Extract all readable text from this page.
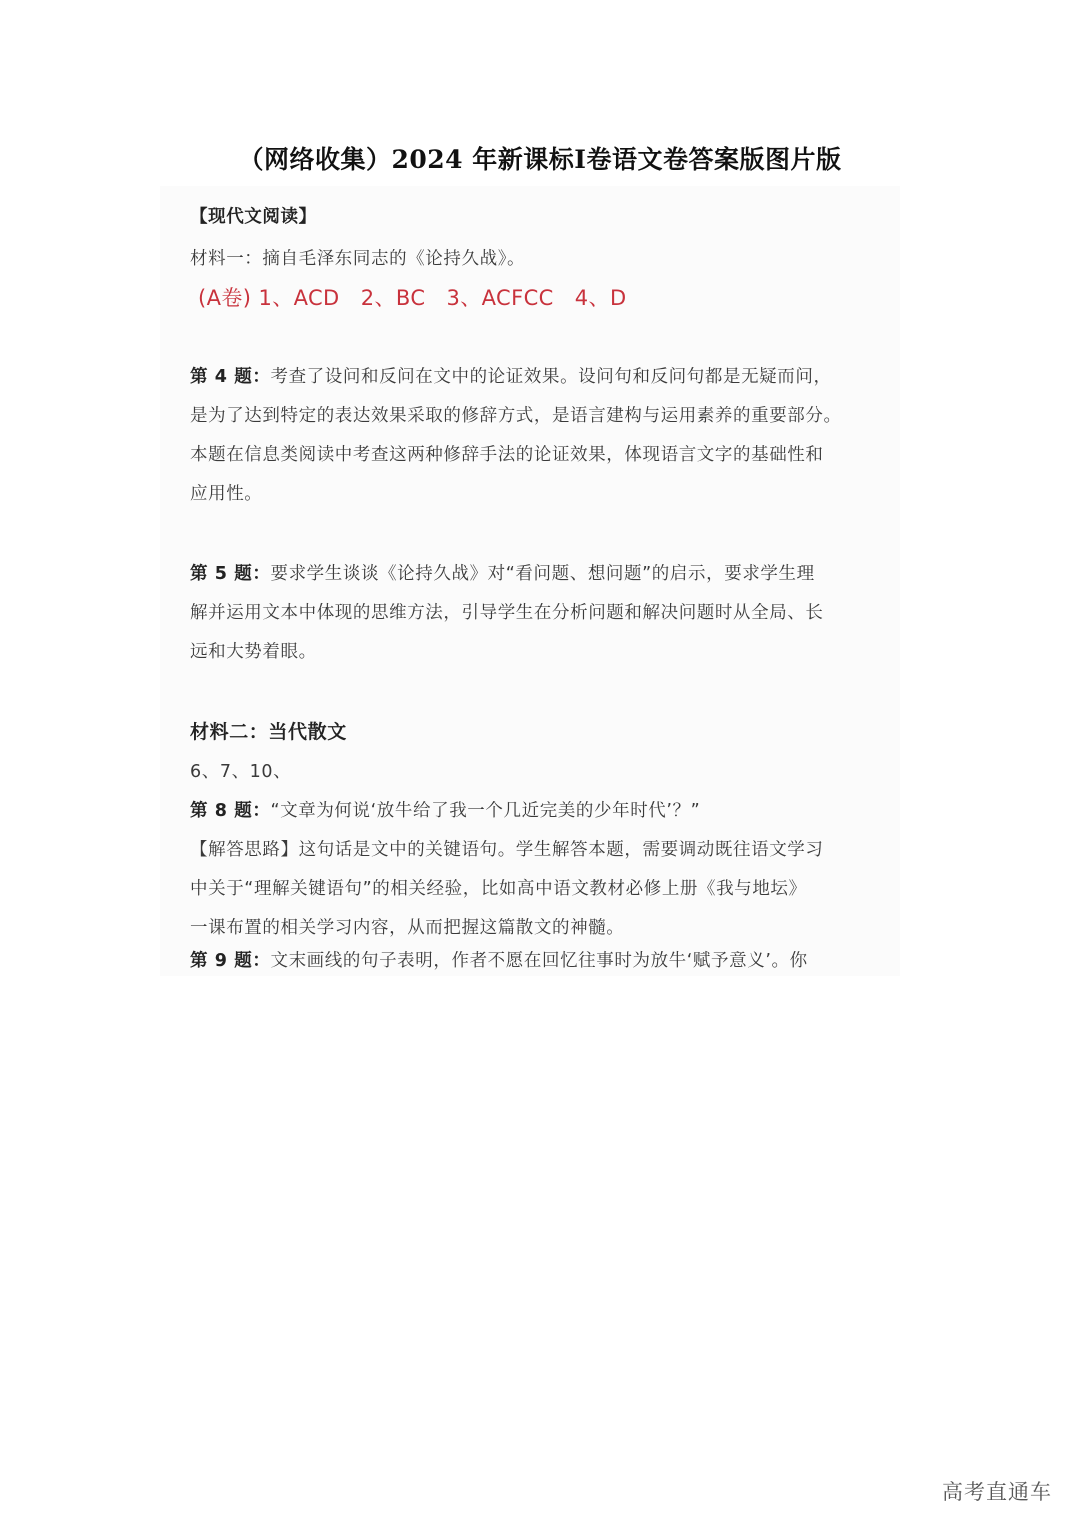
（网络收集）2024 年新课标Ⅰ卷语文卷答案版图片版
【现代文阅读】
材料一：摘自毛泽东同志的《论持久战》。
(A卷) 1、ACD 2、BC 3、ACFCC 4、D
第 4 题：考查了设问和反问在文中的论证效果。设问句和反问句都是无疑而问，
是为了达到特定的表达效果采取的修辞方式，是语言建构与运用素养的重要部分。
本题在信息类阅读中考查这两种修辞手法的论证效果，体现语言文字的基础性和
应用性。
第 5 题：要求学生谈谈《论持久战》对“看问题、想问题”的启示，要求学生理
解并运用文本中体现的思维方法，引导学生在分析问题和解决问题时从全局、长
远和大势着眼。
材料二：当代散文
6、7、10、
第 8 题：“文章为何说‘放牛给了我一个几近完美的少年时代’？”
【解答思路】这句话是文中的关键语句。学生解答本题，需要调动既往语文学习
中关于“理解关键语句”的相关经验，比如高中语文教材必修上册《我与地坛》
一课布置的相关学习内容，从而把握这篇散文的神髓。
第 9 题：文末画线的句子表明，作者不愿在回忆往事时为放牛‘赋予意义’。你
高考直通车
